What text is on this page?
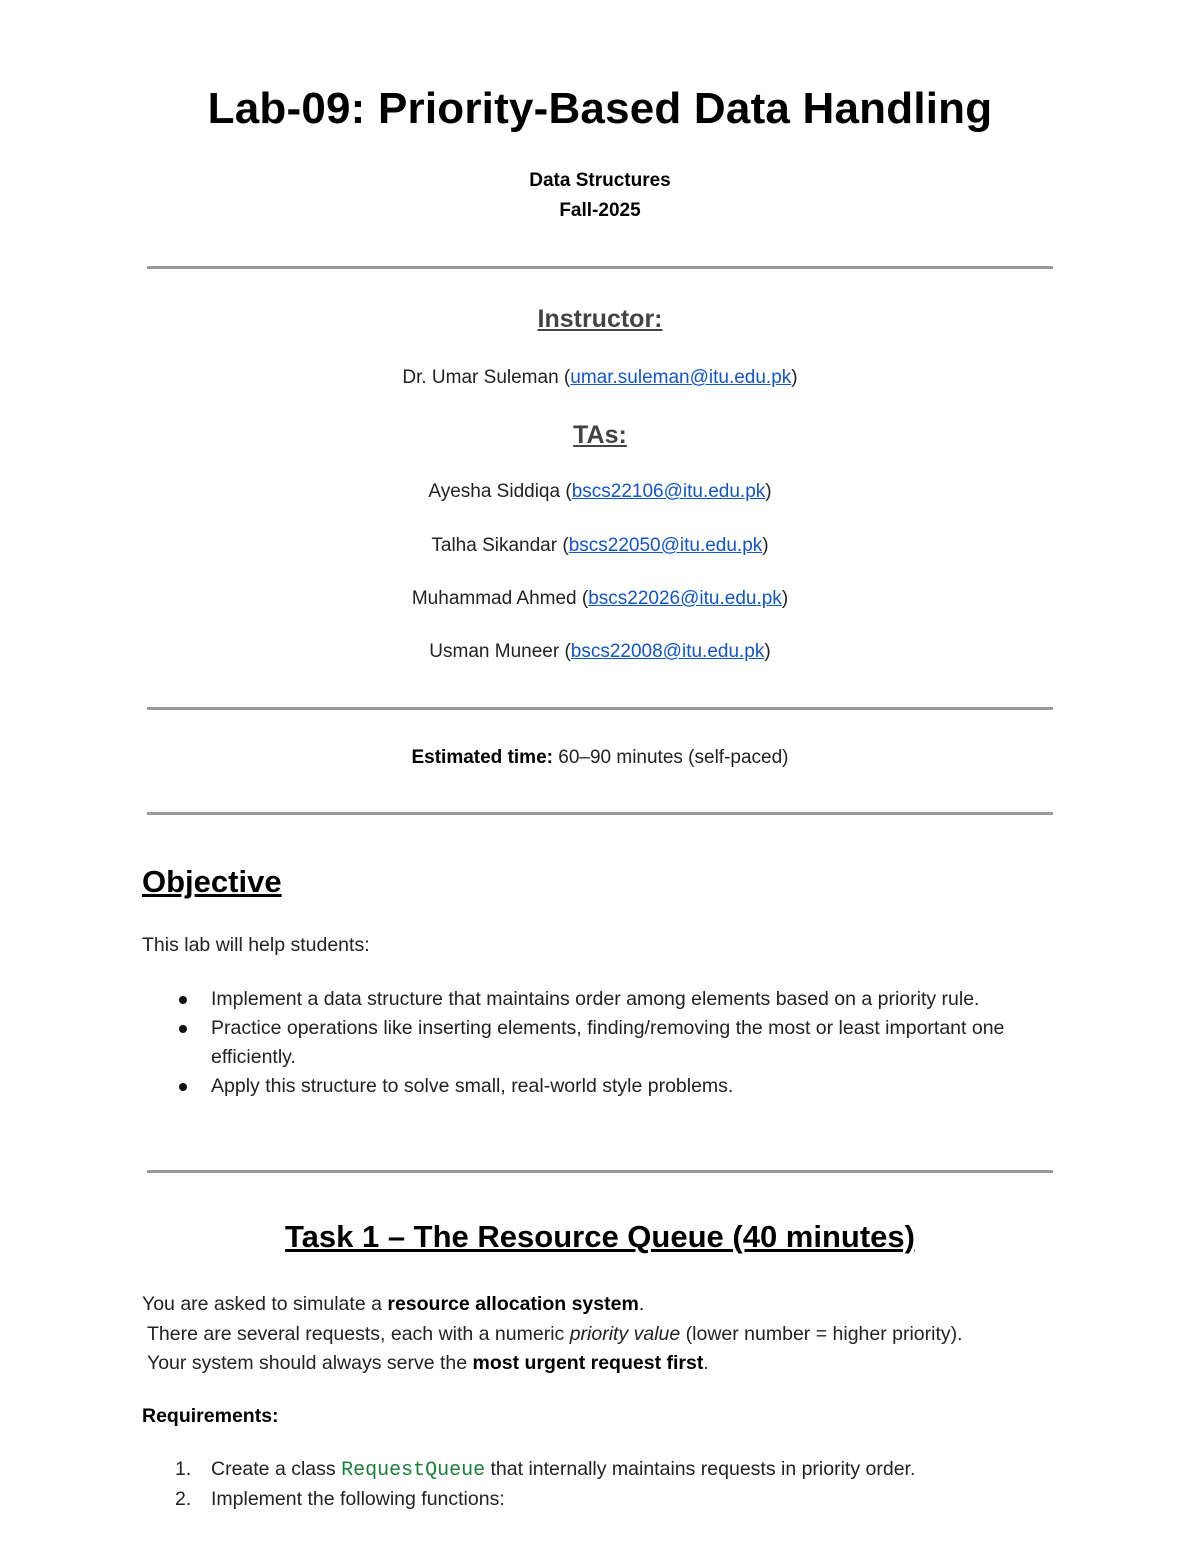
Lab-09: Priority-Based Data Handling
Data Structures
Fall-2025
Instructor:
Dr. Umar Suleman (umar.suleman@itu.edu.pk)
TAs:
Ayesha Siddiqa (bscs22106@itu.edu.pk)
Talha Sikandar (bscs22050@itu.edu.pk)
Muhammad Ahmed (bscs22026@itu.edu.pk)
Usman Muneer (bscs22008@itu.edu.pk)
Estimated time: 60–90 minutes (self-paced)
Objective
This lab will help students:
Implement a data structure that maintains order among elements based on a priority rule.
Practice operations like inserting elements, finding/removing the most or least important one efficiently.
Apply this structure to solve small, real-world style problems.
Task 1 – The Resource Queue (40 minutes)
You are asked to simulate a resource allocation system.
There are several requests, each with a numeric priority value (lower number = higher priority).
Your system should always serve the most urgent request first.
Requirements:
1. Create a class RequestQueue that internally maintains requests in priority order.
2. Implement the following functions:
